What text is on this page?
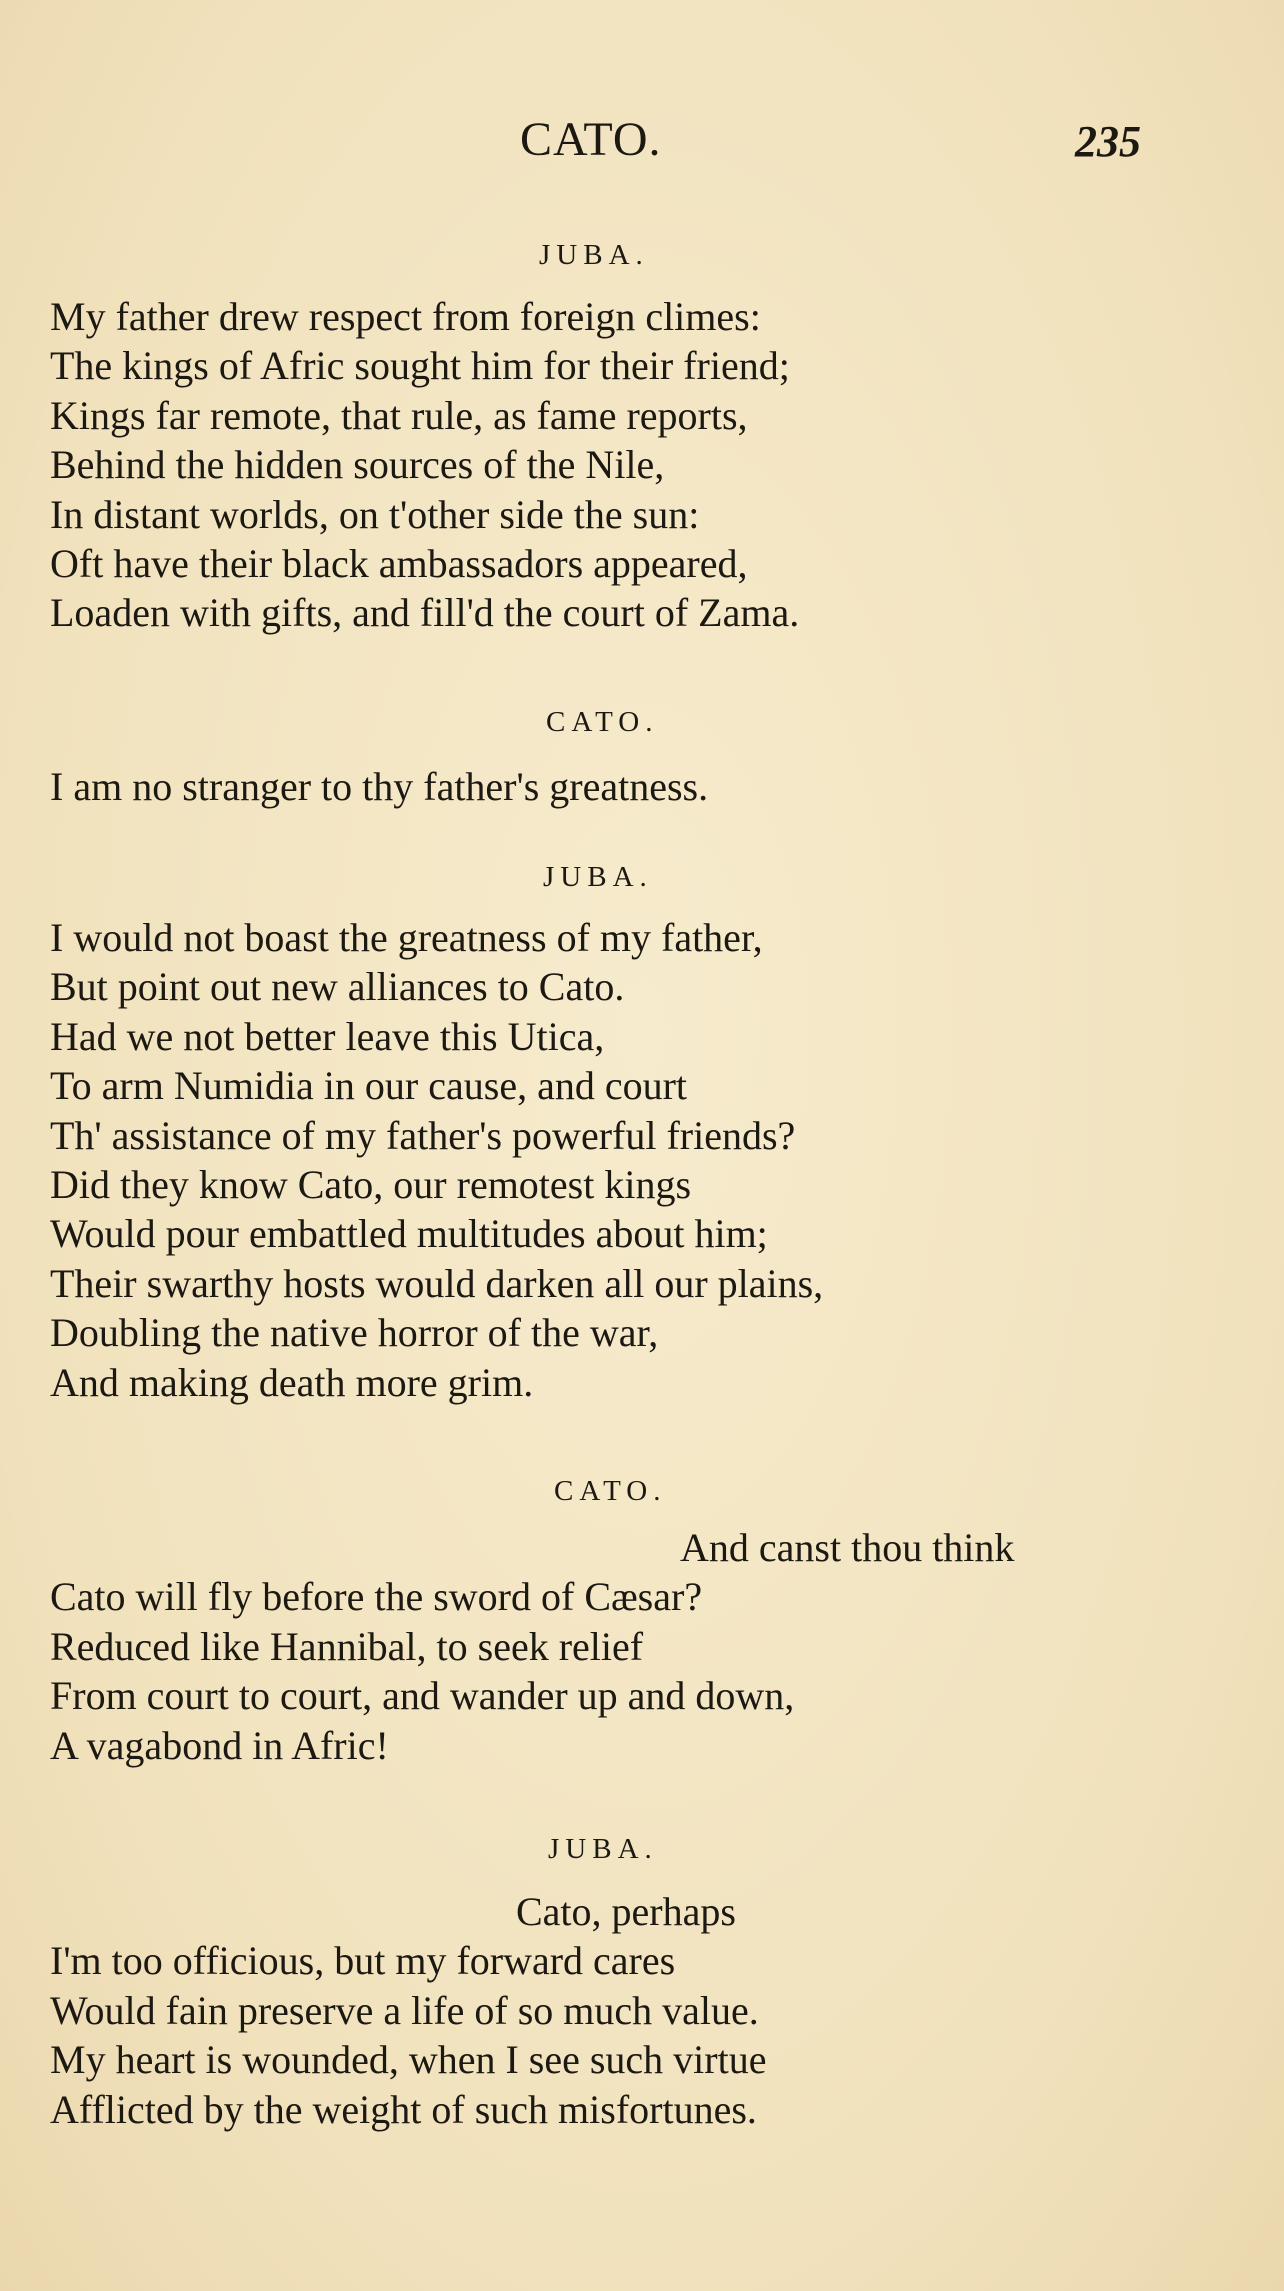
CATO.	235
JUBA.
My father drew respect from foreign climes:
The kings of Afric sought him for their friend;
Kings far remote, that rule, as fame reports,
Behind the hidden sources of the Nile,
In distant worlds, on t'other side the sun:
Oft have their black ambassadors appeared,
Loaden with gifts, and fill'd the court of Zama.
CATO.
I am no stranger to thy father's greatness.
JUBA.
I would not boast the greatness of my father,
But point out new alliances to Cato.
Had we not better leave this Utica,
To arm Numidia in our cause, and court
Th' assistance of my father's powerful friends?
Did they know Cato, our remotest kings
Would pour embattled multitudes about him;
Their swarthy hosts would darken all our plains,
Doubling the native horror of the war,
And making death more grim.
CATO.
And canst thou think
Cato will fly before the sword of Cæsar?
Reduced like Hannibal, to seek relief
From court to court, and wander up and down,
A vagabond in Afric!
JUBA.
Cato, perhaps
I'm too officious, but my forward cares
Would fain preserve a life of so much value.
My heart is wounded, when I see such virtue
Afflicted by the weight of such misfortunes.
